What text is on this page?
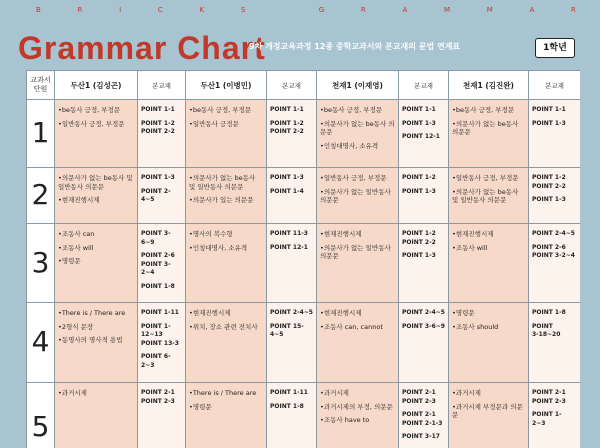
B	R	I	C	K	S	G	R	A	M	M	A	R
Grammar Chart
9차 개정교육과정 12종 중학교과서와 본교재의 문법 연계표	1학년
교과서
단원	두산1 (김성곤)	본교재	두산1 (이병민)	본교재	천재1 (이재영)	본교재	천재1 (김진완)	본교재
1	•be동사 긍정, 부정문
•일반동사 긍정, 부정문	POINT 1-1
POINT 1-2
POINT 2-2	•be동사 긍정, 부정문
•일반동사 긍정문	POINT 1-1
POINT 1-2
POINT 2-2	•be동사 긍정, 부정문
•의문사가 없는 be동사 의문문
•인칭대명사, 소유격	POINT 1-1
POINT 1-3
POINT 12-1	•be동사 긍정, 부정문
•의문사가 없는 be동사 의문문	POINT 1-1
POINT 1-3

2	•의문사가 없는 be동사 및 일반동사 의문문
•현재진행시제	POINT 1-3
POINT 2-4~5	•의문사가 없는 be동사 및 일반동사 의문문
•의문사가 있는 의문문	POINT 1-3
POINT 1-4	•일반동사 긍정, 부정문
•의문사가 없는 일반동사 의문문	POINT 1-2
POINT 1-3	•일반동사 긍정, 부정문
•의문사가 없는 be동사 및 일반동사 의문문	POINT 1-2
POINT 2-2
POINT 1-3

3	•조동사 can
•조동사 will
•명령문	POINT 3-6~9
POINT 2-6
POINT 3-2~4
POINT 1-8	•명사의 복수형
•인칭대명사, 소유격	POINT 11-3
POINT 12-1	•현재진행시제
•의문사가 없는 일반동사 의문문	POINT 1-2
POINT 2-2
POINT 1-3	•현재진행시제
•조동사 will	POINT 2-4~5
POINT 2-6
POINT 3-2~4

4	•There is / There are
•2형식 문장
•동명사의 명사적 용법	POINT 1-11
POINT 1-12~13
POINT 13-3
POINT 6-2~3	•현재진행시제
•위치, 장소 관련 전치사	POINT 2-4~5
POINT 15-4~5	•현재진행시제
•조동사 can, cannot	POINT 2-4~5
POINT 3-6~9	•명령문
•조동사 should	POINT 1-8
POINT
3-18~20

5	•과거시제	POINT 2-1
POINT 2-3	•There is / There are
•명령문	POINT 1-11
POINT 1-8	•과거시제
•과거시제의 부정, 의문문
•조동사 have to	POINT 2-1
POINT 2-3
POINT 2-1
POINT 2-1-3
POINT 3-17	•과거시제
•과거시제 부정문과 의문문	POINT 2-1
POINT 2-3
POINT 1- 2~3
